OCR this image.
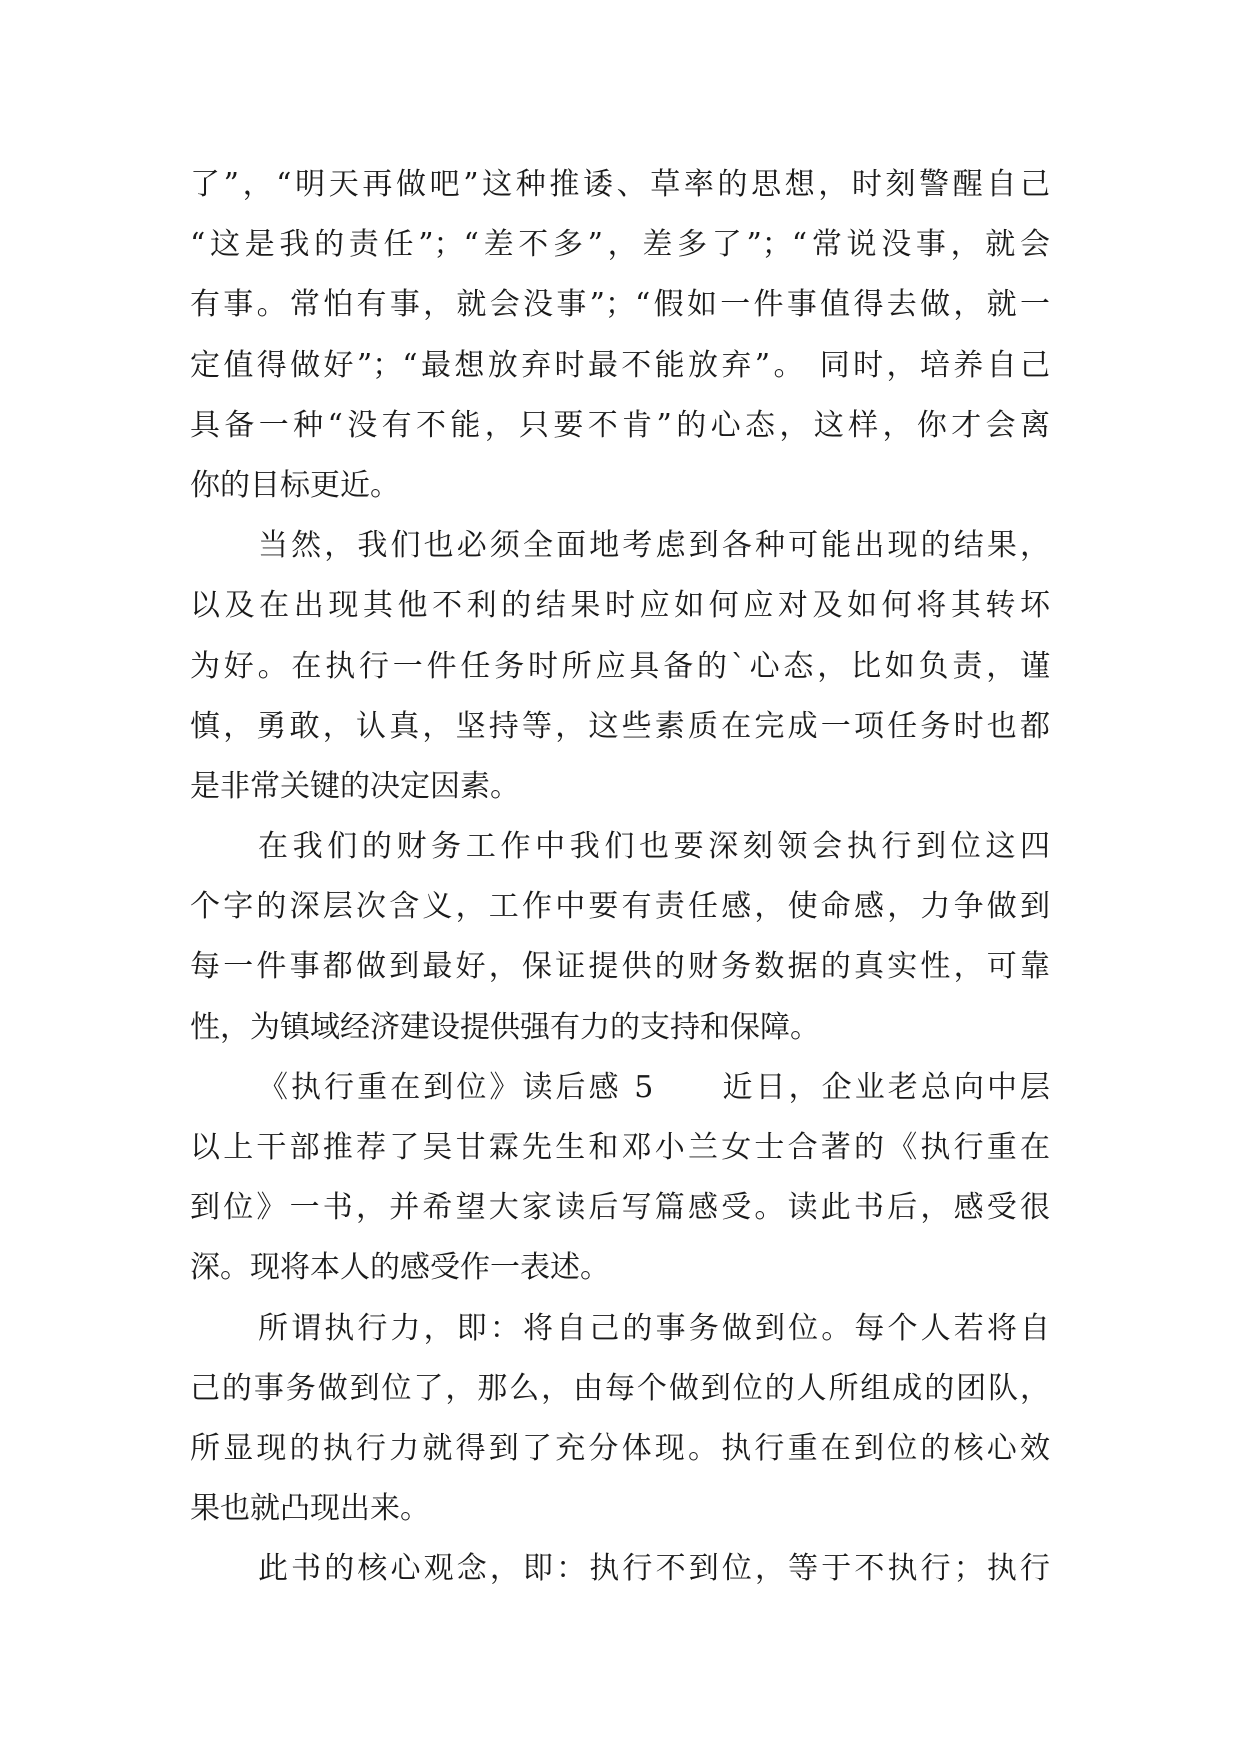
了”，“明天再做吧”这种推诿、草率的思想，时刻警醒自己
“这是我的责任”；“差不多”，差多了”；“常说没事，就会
有事。常怕有事，就会没事”；“假如一件事值得去做，就一
定值得做好”；“最想放弃时最不能放弃”。 同时，培养自己
具备一种“没有不能，只要不肯”的心态，这样，你才会离
你的目标更近。
当然，我们也必须全面地考虑到各种可能出现的结果，
以及在出现其他不利的结果时应如何应对及如何将其转坏
为好。在执行一件任务时所应具备的`心态，比如负责，谨
慎，勇敢，认真，坚持等，这些素质在完成一项任务时也都
是非常关键的决定因素。
在我们的财务工作中我们也要深刻领会执行到位这四
个字的深层次含义，工作中要有责任感，使命感，力争做到
每一件事都做到最好，保证提供的财务数据的真实性，可靠
性，为镇域经济建设提供强有力的支持和保障。
《执行重在到位》读后感 5　　近日，企业老总向中层
以上干部推荐了吴甘霖先生和邓小兰女士合著的《执行重在
到位》一书，并希望大家读后写篇感受。读此书后，感受很
深。现将本人的感受作一表述。
所谓执行力，即：将自己的事务做到位。每个人若将自
己的事务做到位了，那么，由每个做到位的人所组成的团队，
所显现的执行力就得到了充分体现。执行重在到位的核心效
果也就凸现出来。
此书的核心观念，即：执行不到位，等于不执行；执行
